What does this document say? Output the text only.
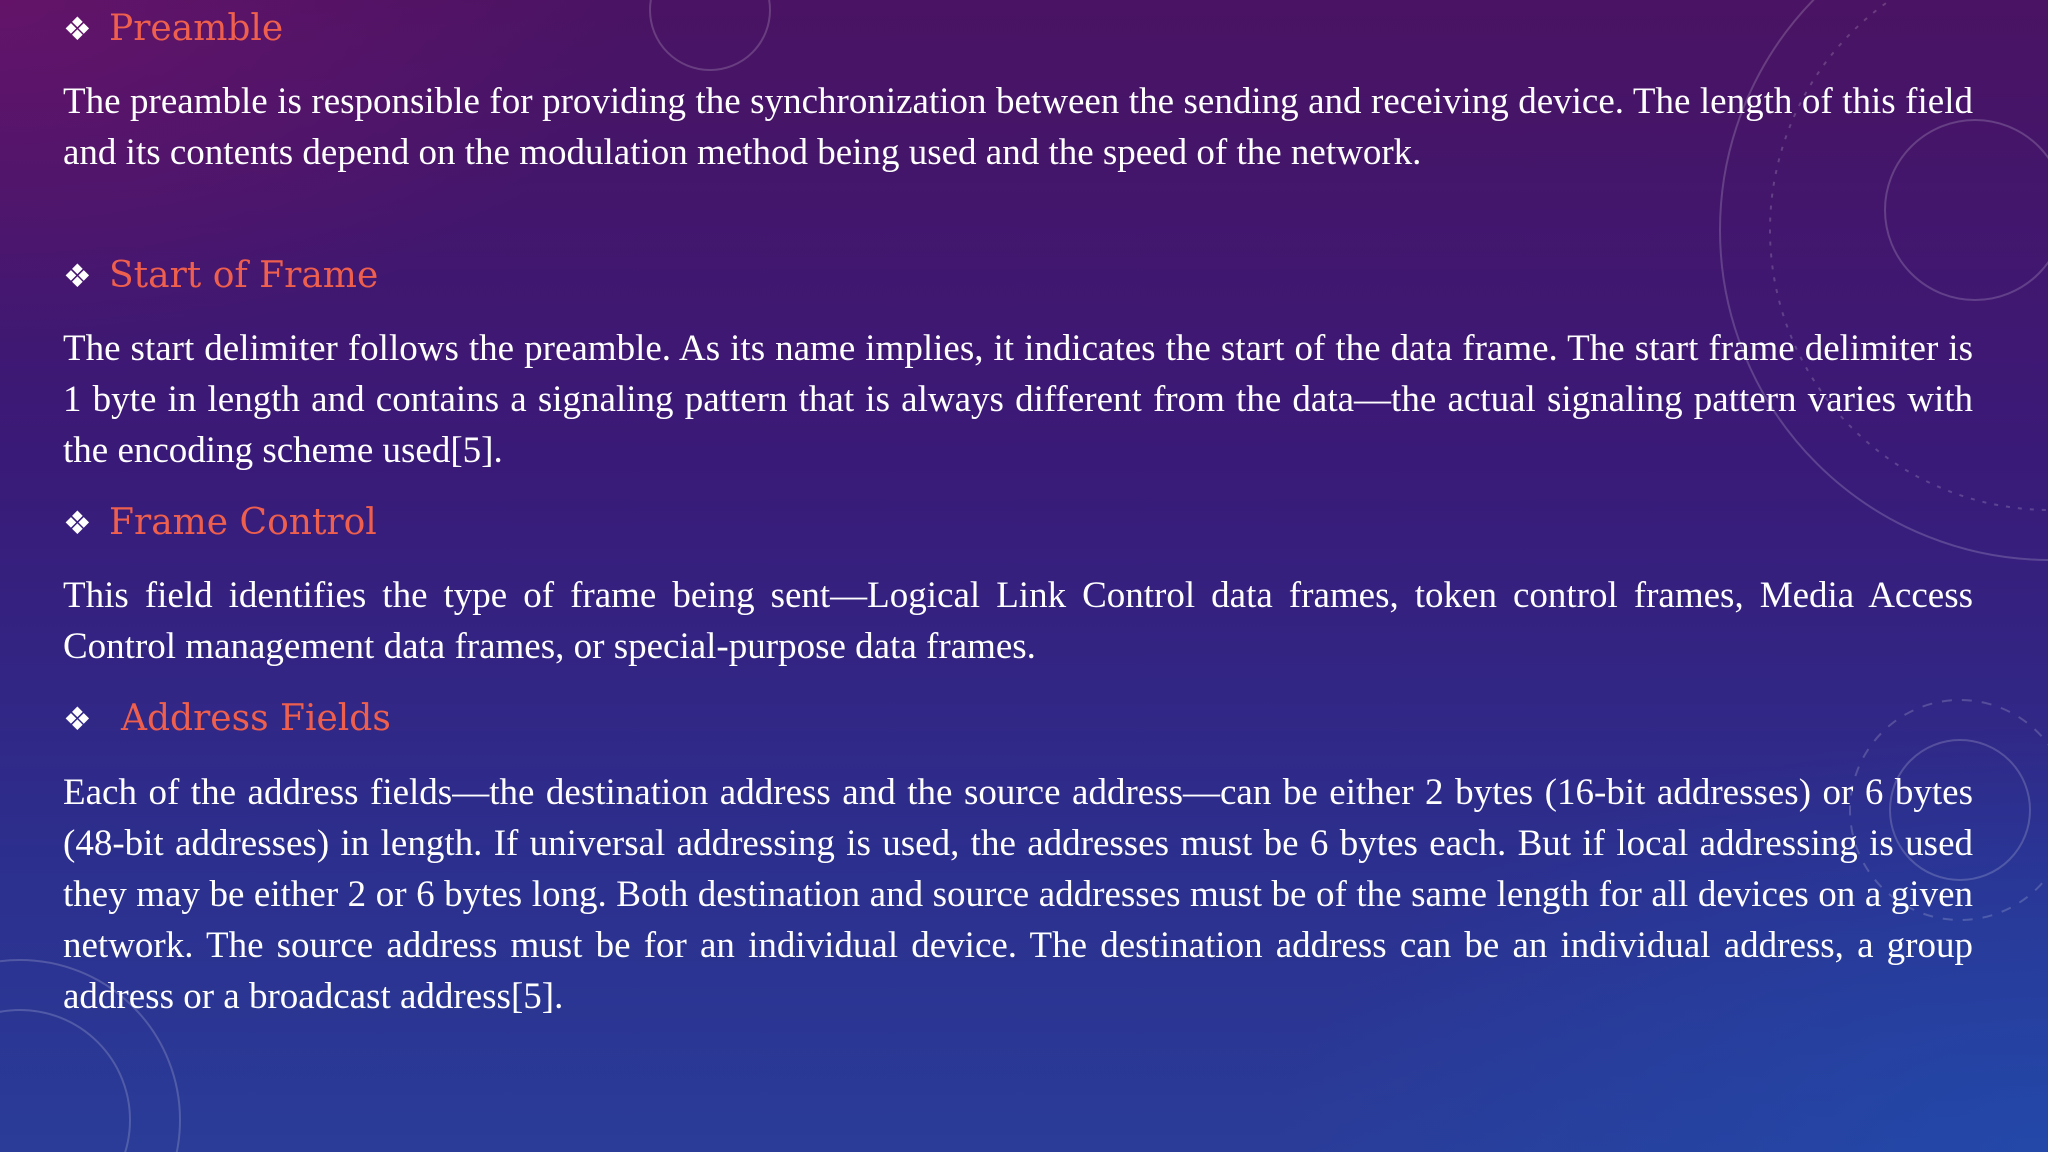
❖ Preamble
The preamble is responsible for providing the synchronization between the sending and receiving device. The length of this field and its contents depend on the modulation method being used and the speed of the network.
❖ Start of Frame
The start delimiter follows the preamble. As its name implies, it indicates the start of the data frame. The start frame delimiter is 1 byte in length and contains a signaling pattern that is always different from the data—the actual signaling pattern varies with the encoding scheme used[5].
❖ Frame Control
This field identifies the type of frame being sent—Logical Link Control data frames, token control frames, Media Access Control management data frames, or special-purpose data frames.
❖ Address Fields
Each of the address fields—the destination address and the source address—can be either 2 bytes (16-bit addresses) or 6 bytes (48-bit addresses) in length. If universal addressing is used, the addresses must be 6 bytes each. But if local addressing is used they may be either 2 or 6 bytes long. Both destination and source addresses must be of the same length for all devices on a given network. The source address must be for an individual device. The destination address can be an individual address, a group address or a broadcast address[5].
